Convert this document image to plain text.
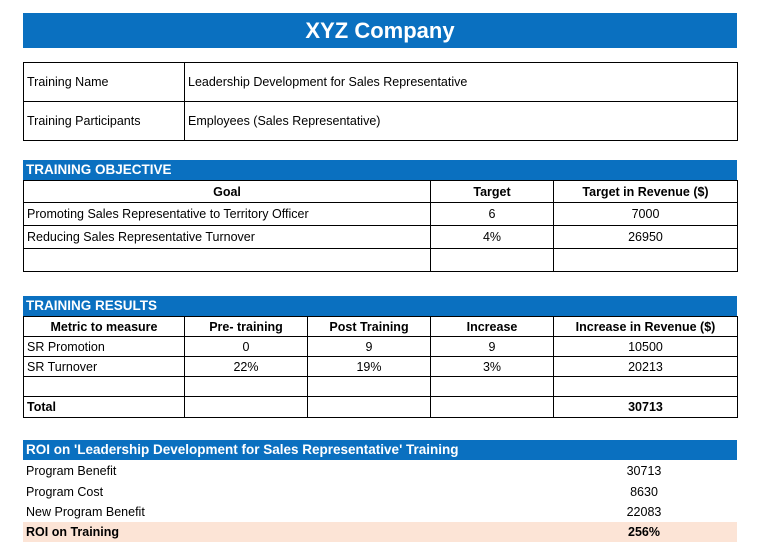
XYZ Company
Training Name	Leadership Development for Sales Representative
Training Participants	Employees (Sales Representative)
TRAINING OBJECTIVE
Goal	Target	Target in Revenue ($)
Promoting Sales Representative to Territory Officer	6	7000
Reducing Sales Representative Turnover	4%	26950

TRAINING RESULTS
Metric to measure	Pre- training	Post Training	Increase	Increase in Revenue ($)
SR Promotion	0	9	9	10500
SR Turnover	22%	19%	3%	20213

Total				30713
ROI on 'Leadership Development for Sales Representative' Training
Program Benefit	30713
Program Cost	8630
New Program Benefit	22083
ROI on Training	256%
